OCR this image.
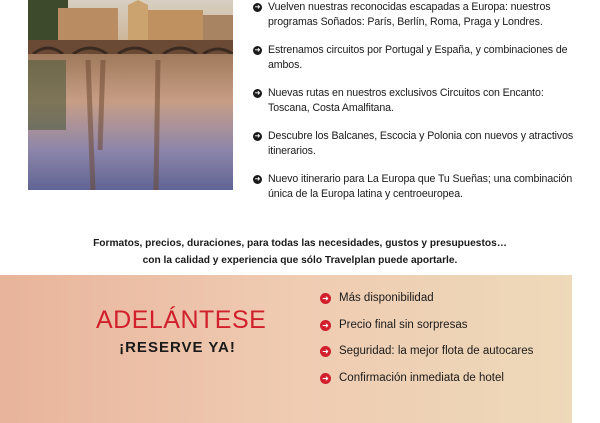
➜ Vuelven nuestras reconocidas escapadas a Europa: nuestros programas Soñados: París, Berlín, Roma, Praga y Londres.
➜ Estrenamos circuitos por Portugal y España, y combinaciones de ambos.
➜ Nuevas rutas en nuestros exclusivos Circuitos con Encanto: Toscana, Costa Amalfitana.
➜ Descubre los Balcanes, Escocia y Polonia con nuevos y atractivos itinerarios.
➜ Nuevo itinerario para La Europa que Tu Sueñas; una combinación única de la Europa latina y centroeuropea.
Formatos, precios, duraciones, para todas las necesidades, gustos y presupuestos…
con la calidad y experiencia que sólo Travelplan puede aportarle.
ADELÁNTESE
¡RESERVE YA!
➜ Más disponibilidad
➜ Precio final sin sorpresas
➜ Seguridad: la mejor flota de autocares
➜ Confirmación inmediata de hotel
